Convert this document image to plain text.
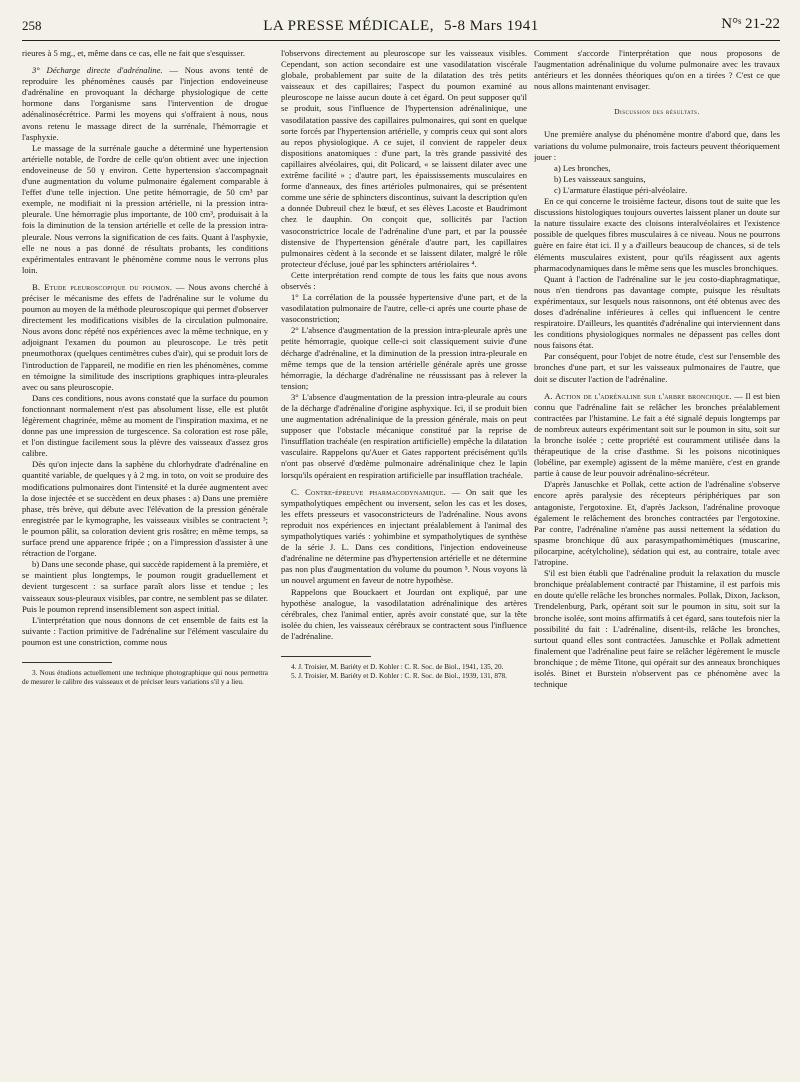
258	LA PRESSE MÉDICALE, 5-8 Mars 1941	N°ˢ 21-22

rieures à 5 mg., et, même dans ce cas, elle ne fait que s'esquisser.

3° Décharge directe d'adrénaline. — Nous avons tenté de reproduire les phénomènes causés par l'injection endoveineuse d'adrénaline en provoquant la décharge physiologique de cette hormone dans l'organisme sans l'intervention de drogue adénalinosécrétrice. Parmi les moyens qui s'offraient à nous, nous avons retenu le massage direct de la surrénale, l'hémorragie et l'asphyxie.

Le massage de la surrénale gauche a déterminé une hypertension artérielle notable, de l'ordre de celle qu'on obtient avec une injection endoveineuse de 50 γ environ. Cette hypertension s'accompagnait d'une augmentation du volume pulmonaire également comparable à l'effet d'une telle injection. Une petite hémorragie, de 50 cm³ par exemple, ne modifiait ni la pression artérielle, ni la pression intra-pleurale. Une hémorragie plus importante, de 100 cm³, produisait à la fois la diminution de la tension artérielle et celle de la pression intra-pleurale. Nous verrons la signification de ces faits. Quant à l'asphyxie, elle ne nous a pas donné de résultats probants, les conditions expérimentales entravant le phénomène comme nous le verrons plus loin.

B. Etude pleuroscopique du poumon. — Nous avons cherché à préciser le mécanisme des effets de l'adrénaline sur le volume du poumon au moyen de la méthode pleuroscopique qui permet d'observer directement les modifications visibles de la circulation pulmonaire. Nous avons donc répété nos expériences avec la même technique, en y adjoignant l'examen du poumon au pleuroscope. Le très petit pneumothorax (quelques centimètres cubes d'air), qui se produit lors de l'introduction de l'appareil, ne modifie en rien les phénomènes, comme en témoigne la similitude des inscriptions graphiques intra-pleurales avec ou sans pleuroscopie.

Dans ces conditions, nous avons constaté que la surface du poumon fonctionnant normalement n'est pas absolument lisse, elle est plutôt légèrement chagrinée, même au moment de l'inspiration maxima, et ne donne pas une impression de turgescence. Sa coloration est rose pâle, et l'on distingue facilement sous la plèvre des vaisseaux d'assez gros calibre.

Dès qu'on injecte dans la saphène du chlorhydrate d'adrénaline en quantité variable, de quelques γ à 2 mg. in toto, on voit se produire des modifications pulmonaires dont l'intensité et la durée augmentent avec la dose injectée et se succèdent en deux phases : a) Dans une première phase, très brève, qui débute avec l'élévation de la pression générale enregistrée par le kymographe, les vaisseaux visibles se contractent ³; le poumon pâlit, sa coloration devient gris rosâtre; en même temps, sa surface prend une apparence fripée ; on a l'impression d'assister à une rétraction de l'organe.

b) Dans une seconde phase, qui succède rapidement à la première, et se maintient plus longtemps, le poumon rougit graduellement et devient turgescent : sa surface paraît alors lisse et tendue ; les vaisseaux sous-pleuraux visibles, par contre, ne semblent pas se dilater. Puis le poumon reprend insensiblement son aspect initial.

L'interprétation que nous donnons de cet ensemble de faits est la suivante : l'action primitive de l'adrénaline sur l'élément vasculaire du poumon est une constriction, comme nous

3. Nous étudions actuellement une technique photographique qui nous permettra de mesurer le calibre des vaisseaux et de préciser leurs variations s'il y a lieu.

l'observons directement au pleuroscope sur les vaisseaux visibles. Cependant, son action secondaire est une vasodilatation viscérale globale, probablement par suite de la dilatation des très petits vaisseaux et des capillaires; l'aspect du poumon examiné au pleuroscope ne laisse aucun doute à cet égard. On peut supposer qu'il se produit, sous l'influence de l'hypertension adrénalinique, une vasodilatation passive des capillaires pulmonaires, qui sont en quelque sorte forcés par l'hypertension artérielle, y compris ceux qui sont alors au repos physiologique. A ce sujet, il convient de rappeler deux dispositions anatomiques : d'une part, la très grande passivité des capillaires alvéolaires, qui, dit Policard, « se laissent dilater avec une extrême facilité » ; d'autre part, les épaississements musculaires en forme d'anneaux, des fines artérioles pulmonaires, qui se présentent comme une série de sphincters discontinus, suivant la description qu'en a donnée Dubreuil chez le bœuf, et ses élèves Lacoste et Baudrimont chez le dauphin. On conçoit que, sollicités par l'action vasoconstrictrice locale de l'adrénaline d'une part, et par la poussée distensive de l'hypertension générale d'autre part, les capillaires pulmonaires cèdent à la seconde et se laissent dilater, malgré le rôle protecteur d'écluse, joué par les sphincters artériolaires ⁴.

Cette interprétation rend compte de tous les faits que nous avons observés :

1° La corrélation de la poussée hypertensive d'une part, et de la vasodilatation pulmonaire de l'autre, celle-ci après une courte phase de vasoconstriction;

2° L'absence d'augmentation de la pression intra-pleurale après une petite hémorragie, quoique celle-ci soit classiquement suivie d'une décharge d'adrénaline, et la diminution de la pression intra-pleurale en même temps que de la tension artérielle générale après une grosse hémorragie, la décharge d'adrénaline ne réussissant pas à relever la tension;

3° L'absence d'augmentation de la pression intra-pleurale au cours de la décharge d'adrénaline d'origine asphyxique. Ici, il se produit bien une augmentation adrénalinique de la pression générale, mais on peut supposer que l'obstacle mécanique constitué par la reprise de l'insufflation trachéale (en respiration artificielle) empêche la dilatation vasculaire. Rappelons qu'Auer et Gates rapportent précisément qu'ils n'ont pas observé d'œdème pulmonaire adrénalinique chez le lapin lorsqu'ils opéraient en respiration artificielle par insufflation trachéale.

C. Contre-épreuve pharmacodynamique. — On sait que les sympatholytiques empêchent ou inversent, selon les cas et les doses, les effets presseurs et vasoconstricteurs de l'adrénaline. Nous avons reproduit nos expériences en injectant préalablement à l'animal des sympatholytiques variés : yohimbine et sympatholytiques de synthèse de la série J. L. Dans ces conditions, l'injection endoveineuse d'adrénaline ne détermine pas d'hypertension artérielle et ne détermine pas non plus d'augmentation du volume du poumon ⁵. Nous voyons là un nouvel argument en faveur de notre hypothèse.

Rappelons que Bouckaert et Jourdan ont expliqué, par une hypothèse analogue, la vasodilatation adrénalinique des artères cérébrales, chez l'animal entier, après avoir constaté que, sur la tête isolée du chien, les vaisseaux cérébraux se contractent sous l'influence de l'adrénaline.

4. J. Troisier, M. Bariéty et D. Kohler : C. R. Soc. de Biol., 1941, 135, 20.

5. J. Troisier, M. Bariéty et D. Kohler : C. R. Soc. de Biol., 1939, 131, 878.

Comment s'accorde l'interprétation que nous proposons de l'augmentation adrénalinique du volume pulmonaire avec les travaux antérieurs et les données théoriques qu'on en a tirées ? C'est ce que nous allons maintenant envisager.

Discussion des résultats.

Une première analyse du phénomène montre d'abord que, dans les variations du volume pulmonaire, trois facteurs peuvent théoriquement jouer :

a) Les bronches,

b) Les vaisseaux sanguins,

c) L'armature élastique péri-alvéolaire.

En ce qui concerne le troisième facteur, disons tout de suite que les discussions histologiques toujours ouvertes laissent planer un doute sur la nature tissulaire exacte des cloisons interalvéolaires et l'existence possible de quelques fibres musculaires à ce niveau. Nous ne pourrons guère en faire état ici. Il y a d'ailleurs beaucoup de chances, si de tels éléments musculaires existent, pour qu'ils réagissent aux agents pharmacodynamiques dans le même sens que les muscles bronchiques.

Quant à l'action de l'adrénaline sur le jeu costo-diaphragmatique, nous n'en tiendrons pas davantage compte, puisque les résultats expérimentaux, sur lesquels nous raisonnons, ont été obtenus avec des doses d'adrénaline inférieures à celles qui influencent le centre respiratoire. D'ailleurs, les quantités d'adrénaline qui interviennent dans les conditions physiologiques normales ne dépassent pas celles dont nous faisons état.

Par conséquent, pour l'objet de notre étude, c'est sur l'ensemble des bronches d'une part, et sur les vaisseaux pulmonaires de l'autre, que doit se discuter l'action de l'adrénaline.

A. Action de l'adrénaline sur l'arbre bronchique. — Il est bien connu que l'adrénaline fait se relâcher les bronches préalablement contractées par l'histamine. Le fait a été signalé depuis longtemps par de nombreux auteurs expérimentant soit sur le poumon in situ, soit sur la bronche isolée ; cette propriété est couramment utilisée dans la thérapeutique de la crise d'asthme. Si les poisons nicotiniques (lobéline, par exemple) agissent de la même manière, c'est en grande partie à cause de leur pouvoir adrénalino-sécréteur.

D'après Januschke et Pollak, cette action de l'adrénaline s'observe encore après paralysie des récepteurs périphériques par son antagoniste, l'ergotoxine. Et, d'après Jackson, l'adrénaline provoque également le relâchement des bronches contractées par l'ergotoxine. Par contre, l'adrénaline n'amène pas aussi nettement la sédation du spasme bronchique dû aux parasympathomimétiques (muscarine, pilocarpine, acétylcholine), sédation qui est, au contraire, totale avec l'atropine.

S'il est bien établi que l'adrénaline produit la relaxation du muscle bronchique préalablement contracté par l'histamine, il est parfois mis en doute qu'elle relâche les bronches normales. Pollak, Dixon, Jackson, Trendelenburg, Park, opérant soit sur le poumon in situ, soit sur la bronche isolée, sont moins affirmatifs à cet égard, sans toutefois nier la possibilité du fait : L'adrénaline, disent-ils, relâche les bronches, surtout quand elles sont contractées. Januschke et Pollak admettent finalement que l'adrénaline peut faire se relâcher légèrement le muscle bronchique ; de même Titone, qui opérait sur des anneaux bronchiques isolés. Binet et Burstein n'observent pas ce phénomène avec la technique
